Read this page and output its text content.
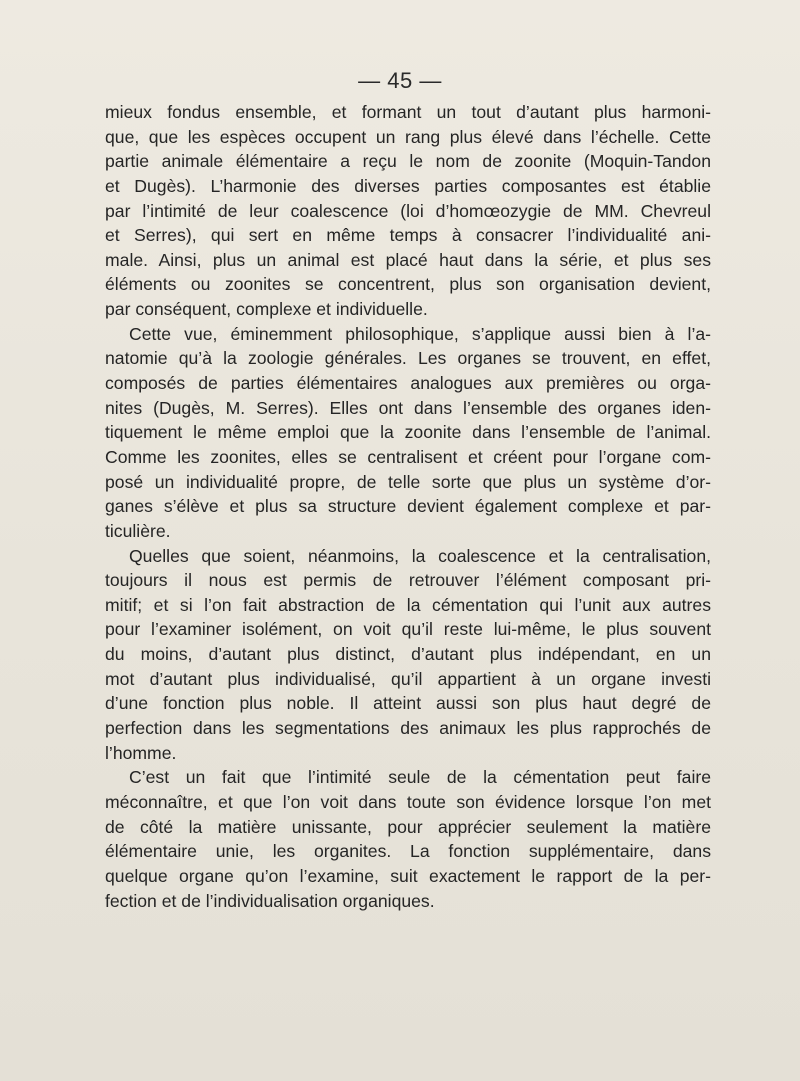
— 45 —

mieux fondus ensemble, et formant un tout d’autant plus harmoni-
que, que les espèces occupent un rang plus élevé dans l’échelle. Cette
partie animale élémentaire a reçu le nom de zoonite (Moquin-Tandon
et Dugès). L’harmonie des diverses parties composantes est établie
par l’intimité de leur coalescence (loi d’homœozygie de MM. Chevreul
et Serres), qui sert en même temps à consacrer l’individualité ani-
male. Ainsi, plus un animal est placé haut dans la série, et plus ses
éléments ou zoonites se concentrent, plus son organisation devient,
par conséquent, complexe et individuelle.

Cette vue, éminemment philosophique, s’applique aussi bien à l’a-
natomie qu’à la zoologie générales. Les organes se trouvent, en effet,
composés de parties élémentaires analogues aux premières ou orga-
nites (Dugès, M. Serres). Elles ont dans l’ensemble des organes iden-
tiquement le même emploi que la zoonite dans l’ensemble de l’animal.
Comme les zoonites, elles se centralisent et créent pour l’organe com-
posé un individualité propre, de telle sorte que plus un système d’or-
ganes s’élève et plus sa structure devient également complexe et par-
ticulière.

Quelles que soient, néanmoins, la coalescence et la centralisation,
toujours il nous est permis de retrouver l’élément composant pri-
mitif; et si l’on fait abstraction de la cémentation qui l’unit aux autres
pour l’examiner isolément, on voit qu’il reste lui-même, le plus souvent
du moins, d’autant plus distinct, d’autant plus indépendant, en un
mot d’autant plus individualisé, qu’il appartient à un organe investi
d’une fonction plus noble. Il atteint aussi son plus haut degré de
perfection dans les segmentations des animaux les plus rapprochés de
l’homme.

C’est un fait que l’intimité seule de la cémentation peut faire
méconnaître, et que l’on voit dans toute son évidence lorsque l’on met
de côté la matière unissante, pour apprécier seulement la matière
élémentaire unie, les organites. La fonction supplémentaire, dans
quelque organe qu’on l’examine, suit exactement le rapport de la per-
fection et de l’individualisation organiques.
